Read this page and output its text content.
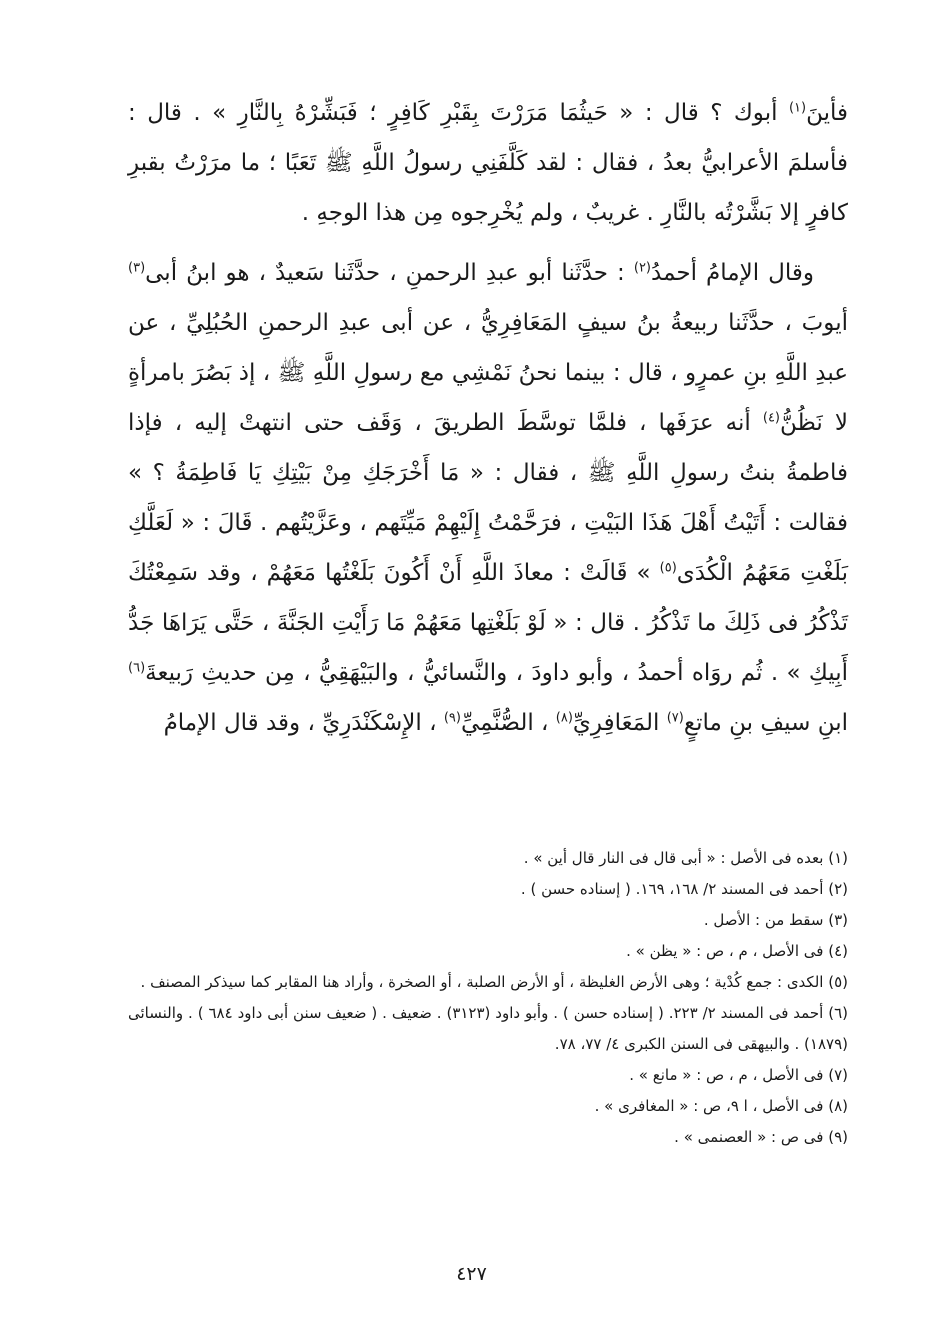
فأينَ$^{(١)}$ أبوك ؟ قال : « حَيثُمَا مَرَرْتَ بِقَبْرِ كَافِرٍ ؛ فَبَشِّرْهُ بِالنَّارِ » . قال : فأسلمَ الأعرابيُّ بعدُ ، فقال : لقد كَلَّفَنِي رسولُ اللَّهِ ﷺ تَعَبًا ؛ ما مرَرْتُ بقبرِ كافرٍ إلا بَشَّرْتُه بالنَّارِ . غريبٌ ، ولم يُخْرِجوه مِن هذا الوجهِ .

وقال الإمامُ أحمدُ$^{(٢)}$ : حدَّثَنا أبو عبدِ الرحمنِ ، حدَّثَنا سَعيدٌ ، هو ابنُ أبى$^{(٣)}$ أيوبَ ، حدَّثَنا ربيعةُ بنُ سيفٍ المَعَافِرِيُّ ، عن أبى عبدِ الرحمنِ الحُبُلِيِّ ، عن عبدِ اللَّهِ بنِ عمرٍو ، قال : بينما نحنُ نَمْشِي مع رسولِ اللَّهِ ﷺ ، إذ بَصُرَ بامرأةٍ لا نَظُنُّ$^{(٤)}$ أنه عرَفَها ، فلمَّا توسَّطَ الطريقَ ، وَقَف حتى انتهتْ إليه ، فإذا فاطمةُ بنتُ رسولِ اللَّهِ ﷺ ، فقال : « مَا أَخْرَجَكِ مِنْ بَيْتِكِ يَا فَاطِمَةُ ؟ » فقالت : أَتَيْتُ أَهْلَ هَذَا البَيْتِ ، فرَحَّمْتُ إِلَيْهِمْ مَيِّتَهم ، وعَزَّيْتُهم . قَالَ : « لَعَلَّكِ بَلَغْتِ مَعَهُمُ الْكُدَى$^{(٥)}$ » قَالَتْ : معاذَ اللَّهِ أَنْ أَكُونَ بَلَغْتُها مَعَهُمْ ، وقد سَمِعْتُكَ تَذْكُرُ فى ذَلِكَ ما تَذْكُرُ . قال : « لَوْ بَلَغْتِها مَعَهُمْ مَا رَأَيْتِ الجَنَّةَ ، حَتَّى يَرَاهَا جَدُّ أَبِيكِ » . ثُم روَاه أحمدُ ، وأبو داودَ ، والنَّسائيُّ ، والبَيْهَقِيُّ ، مِن حديثِ رَبيعةَ$^{(٦)}$ ابنِ سيفِ بنِ ماتعٍ$^{(٧)}$ المَعَافِرِيِّ$^{(٨)}$ ، الصُّنَّمِيِّ$^{(٩)}$ ، الإِسْكَنْدَرِيِّ ، وقد قال الإمامُ

(١) بعده فى الأصل : « أبى قال فى النار قال أين » .

(٢) أحمد فى المسند ٢/ ١٦٨، ١٦٩. ( إسناده حسن ) .

(٣) سقط من : الأصل .

(٤) فى الأصل ، م ، ص : « يظن » .

(٥) الكدى : جمع كُدْية ؛ وهى الأرض الغليظة ، أو الأرض الصلبة ، أو الصخرة ، وأراد هنا المقابر كما سيذكر المصنف .

(٦) أحمد فى المسند ٢/ ٢٢٣. ( إسناده حسن ) . وأبو داود (٣١٢٣) . ضعيف . ( ضعيف سنن أبى داود ٦٨٤ ) . والنسائى (١٨٧٩) . والبيهقى فى السنن الكبرى ٤/ ٧٧، ٧٨.

(٧) فى الأصل ، م ، ص : « مانع » .

(٨) فى الأصل ، ا ٩، ص : « المغافرى » .

(٩) فى ص : « العصنمى » .

٤٢٧
